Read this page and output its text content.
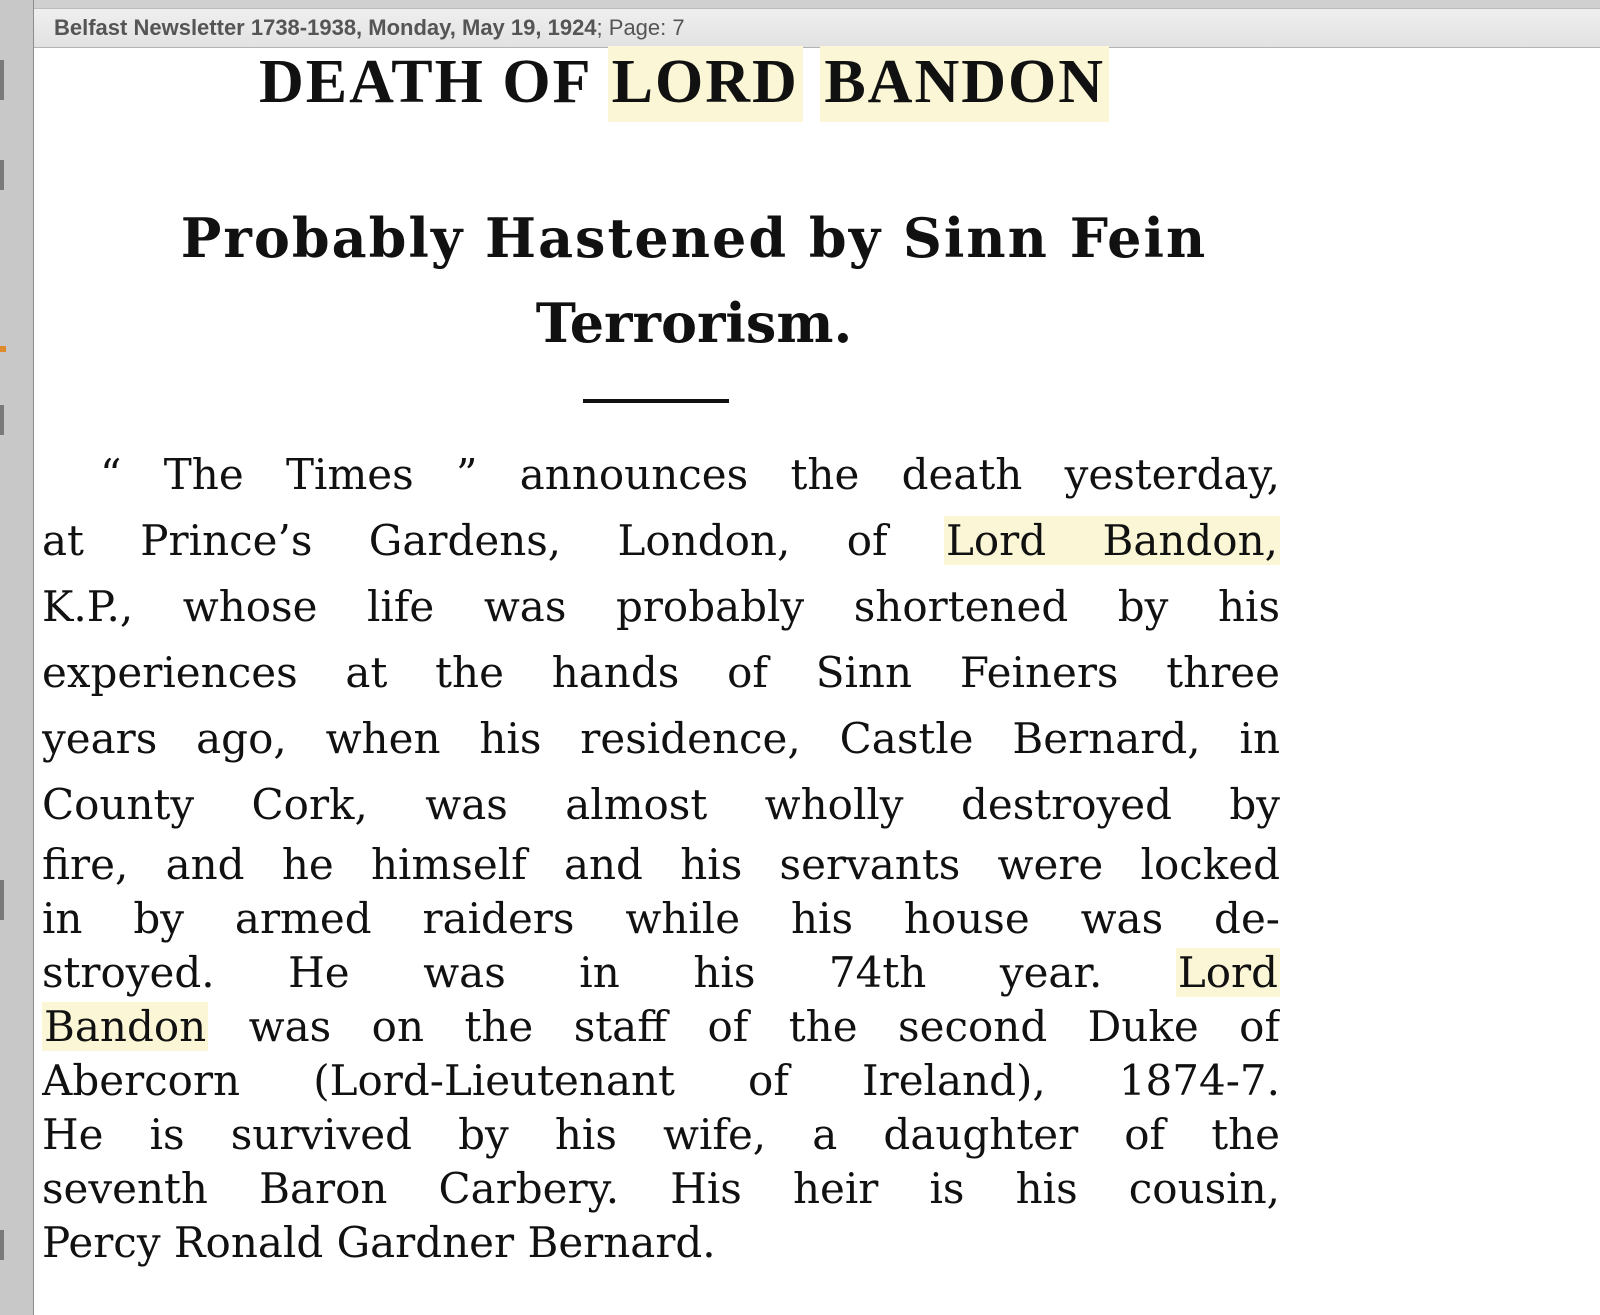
Belfast Newsletter 1738-1938, Monday, May 19, 1924; Page: 7
DEATH OF LORD BANDON
Probably Hastened by Sinn Fein
Terrorism.
“ The Times ” announces the death yesterday,
at Prince’s Gardens, London, of Lord Bandon,
K.P., whose life was probably shortened by his
experiences at the hands of Sinn Feiners three
years ago, when his residence, Castle Bernard, in
County Cork, was almost wholly destroyed by
fire, and he himself and his servants were locked
in by armed raiders while his house was de-
stroyed. He was in his 74th year. Lord
Bandon was on the staff of the second Duke of
Abercorn (Lord-Lieutenant of Ireland), 1874-7.
He is survived by his wife, a daughter of the
seventh Baron Carbery. His heir is his cousin,
Percy Ronald Gardner Bernard.
